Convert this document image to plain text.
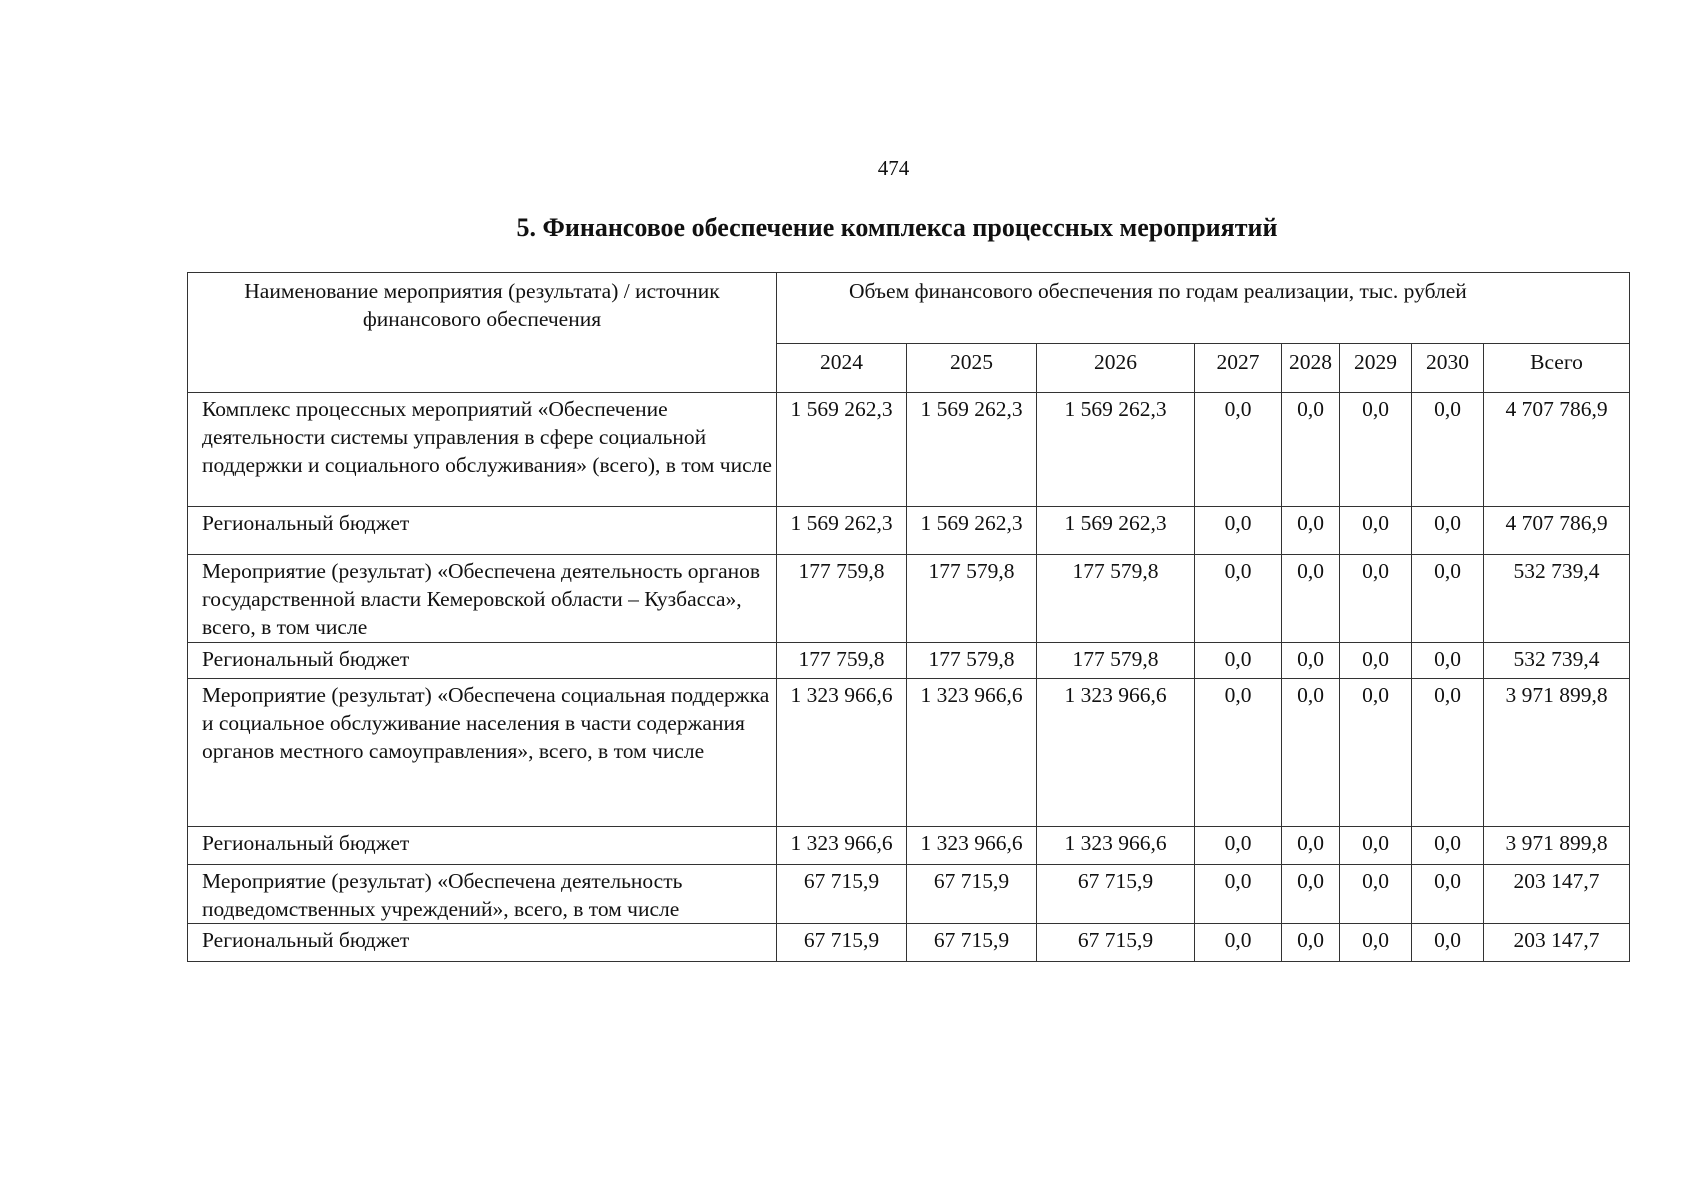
474
5. Финансовое обеспечение комплекса процессных мероприятий
Наименование мероприятия (результата) / источник финансового обеспечения	Объем финансового обеспечения по годам реализации, тыс. рублей							
	2024	2025	2026	2027	2028	2029	2030	Всего
Комплекс процессных мероприятий «Обеспечение деятельности системы управления в сфере социальной поддержки и социального обслуживания» (всего), в том числе	1 569 262,3	1 569 262,3	1 569 262,3	0,0	0,0	0,0	0,0	4 707 786,9
Региональный бюджет	1 569 262,3	1 569 262,3	1 569 262,3	0,0	0,0	0,0	0,0	4 707 786,9
Мероприятие (результат) «Обеспечена деятельность органов государственной власти Кемеровской области – Кузбасса», всего, в том числе	177 759,8	177 579,8	177 579,8	0,0	0,0	0,0	0,0	532 739,4
Региональный бюджет	177 759,8	177 579,8	177 579,8	0,0	0,0	0,0	0,0	532 739,4
Мероприятие (результат) «Обеспечена социальная поддержка и социальное обслуживание населения в части содержания органов местного самоуправления», всего, в том числе	1 323 966,6	1 323 966,6	1 323 966,6	0,0	0,0	0,0	0,0	3 971 899,8
Региональный бюджет	1 323 966,6	1 323 966,6	1 323 966,6	0,0	0,0	0,0	0,0	3 971 899,8
Мероприятие (результат) «Обеспечена деятельность подведомственных учреждений», всего, в том числе	67 715,9	67 715,9	67 715,9	0,0	0,0	0,0	0,0	203 147,7
Региональный бюджет	67 715,9	67 715,9	67 715,9	0,0	0,0	0,0	0,0	203 147,7
